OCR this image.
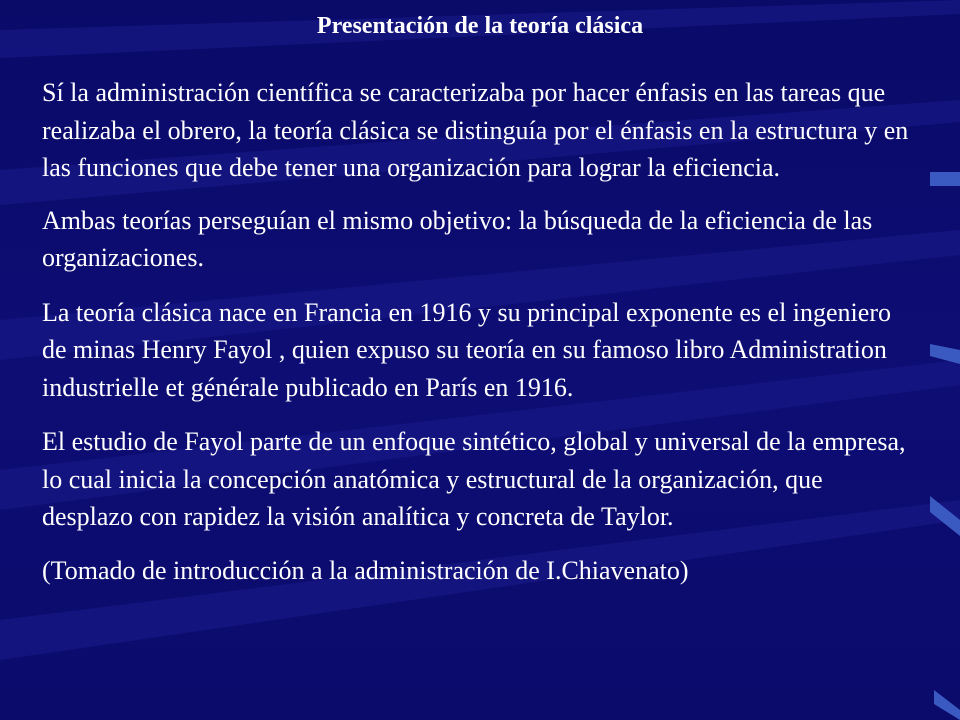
Presentación de la teoría clásica

Sí la administración científica se caracterizaba por hacer énfasis en las tareas que realizaba el obrero, la teoría clásica se distinguía por el énfasis en la estructura y en las funciones que debe tener una organización para lograr la eficiencia.

Ambas teorías perseguían el mismo objetivo: la búsqueda de la eficiencia de las organizaciones.

La teoría clásica nace en Francia en 1916 y su principal exponente es el ingeniero de minas Henry Fayol , quien expuso su teoría en su famoso libro Administration industrielle et générale publicado en París en 1916.

El estudio de Fayol parte de un enfoque sintético, global y universal de la empresa, lo cual inicia la concepción anatómica y estructural de la organización, que desplazo con rapidez la visión analítica y concreta de Taylor.

(Tomado de introducción a la administración de I.Chiavenato)
